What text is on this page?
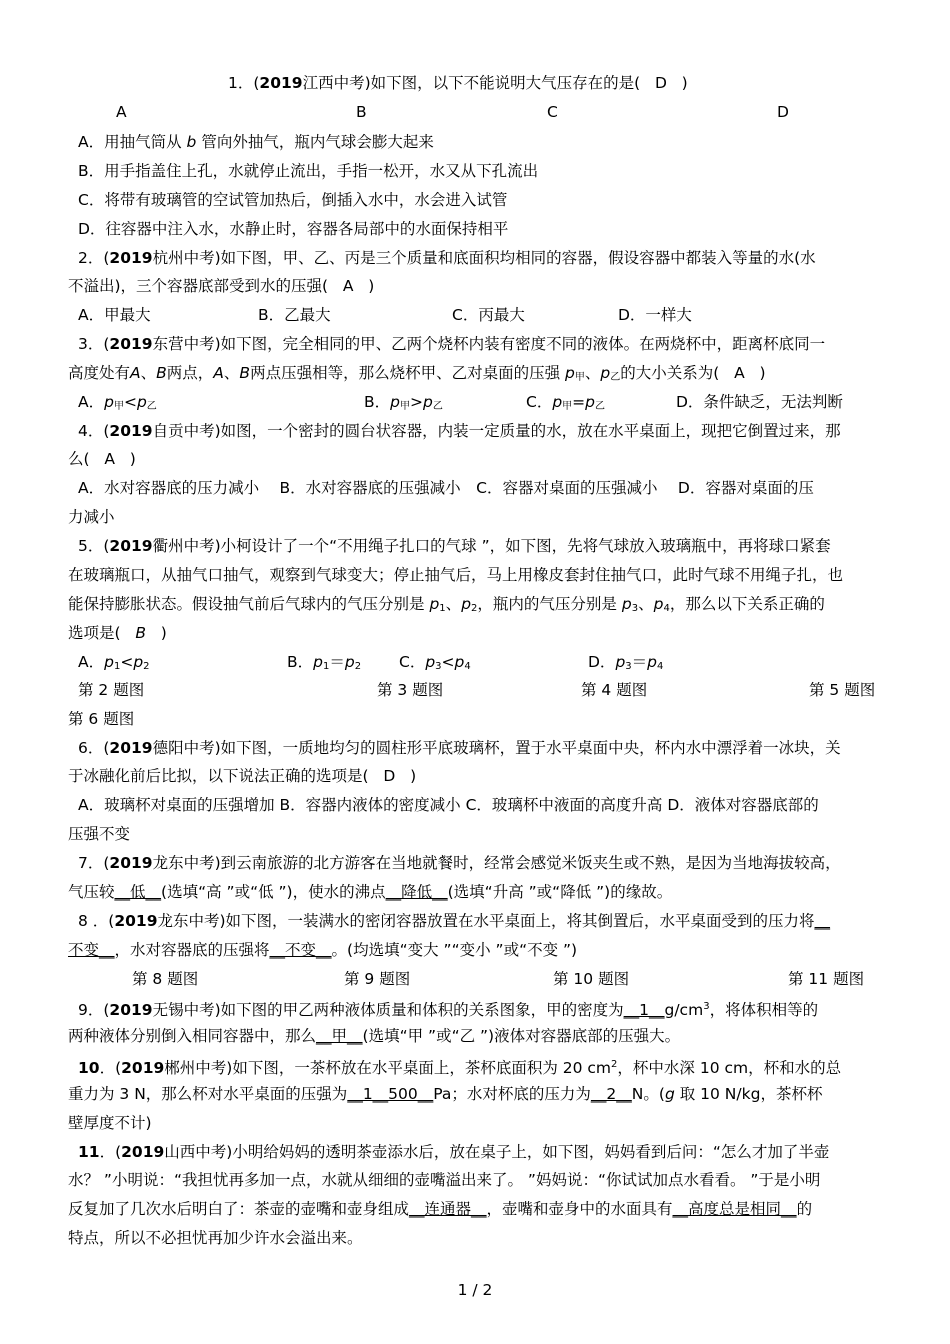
1．(2019江西中考)如下图，以下不能说明大气压存在的是( D )
A	B	C	D
A．用抽气筒从 b 管向外抽气，瓶内气球会膨大起来
B．用手指盖住上孔，水就停止流出，手指一松开，水又从下孔流出
C．将带有玻璃管的空试管加热后，倒插入水中，水会进入试管
D．往容器中注入水，水静止时，容器各局部中的水面保持相平
2．(2019杭州中考)如下图，甲、乙、丙是三个质量和底面积均相同的容器，假设容器中都装入等量的水(水
不溢出)，三个容器底部受到水的压强( A )
A．甲最大	B．乙最大	C．丙最大	D．一样大
3．(2019东营中考)如下图，完全相同的甲、乙两个烧杯内装有密度不同的液体。在两烧杯中，距离杯底同一
高度处有A、B两点，A、B两点压强相等，那么烧杯甲、乙对桌面的压强 $p_甲$、$p_乙$的大小关系为( A )
A．$p_甲<p_乙$	B．$p_甲>p_乙$	C．$p_甲=p_乙$	D．条件缺乏，无法判断
4．(2019自贡中考)如图，一个密封的圆台状容器，内装一定质量的水，放在水平桌面上，现把它倒置过来，那
么( A )
A．水对容器底的压力减小　 B．水对容器底的压强减小　C．容器对桌面的压强减小　 D．容器对桌面的压
力减小
5．(2019衢州中考)小柯设计了一个“不用绳子扎口的气球 ”，如下图，先将气球放入玻璃瓶中，再将球口紧套
在玻璃瓶口，从抽气口抽气，观察到气球变大；停止抽气后，马上用橡皮套封住抽气口，此时气球不用绳子扎，也
能保持膨胀状态。假设抽气前后气球内的气压分别是 $p_1$、$p_2$，瓶内的气压分别是 $p_3$、$p_4$，那么以下关系正确的
选项是( B )
A．$p_1<p_2$	B．$p_1=p_2$ C．$p_3<p_4$	D．$p_3=p_4$
第 2 题图	第 3 题图	第 4 题图	第 5 题图
第 6 题图
6．(2019德阳中考)如下图，一质地均匀的圆柱形平底玻璃杯，置于水平桌面中央，杯内水中漂浮着一冰块，关
于冰融化前后比拟，以下说法正确的选项是( D )
A．玻璃杯对桌面的压强增加 B．容器内液体的密度减小 C．玻璃杯中液面的高度升高 D．液体对容器底部的
压强不变
7．(2019龙东中考)到云南旅游的北方游客在当地就餐时，经常会感觉米饭夹生或不熟，是因为当地海拔较高，
气压较__低__(选填“高 ”或“低 ”)，使水的沸点__降低__(选填“升高 ”或“降低 ”)的缘故。
8 ．(2019龙东中考)如下图，一装满水的密闭容器放置在水平桌面上，将其倒置后，水平桌面受到的压力将__
不变__，水对容器底的压强将__不变__。(均选填“变大 ”“变小 ”或“不变 ”)
第 8 题图	第 9 题图	第 10 题图	第 11 题图
9．(2019无锡中考)如下图的甲乙两种液体质量和体积的关系图象，甲的密度为$\_\_1\_\_g/cm^3$，将体积相等的
两种液体分别倒入相同容器中，那么__甲__(选填“甲 ”或“乙 ”)液体对容器底部的压强大。
10．(2019郴州中考)如下图，一茶杯放在水平桌面上，茶杯底面积为 20 $cm^2$，杯中水深 10 cm，杯和水的总
重力为 3 N，那么杯对水平桌面的压强为__1__500__Pa；水对杯底的压力为__2__N。(g 取 10 N/kg，茶杯杯
壁厚度不计)
11．(2019山西中考)小明给妈妈的透明茶壶添水后，放在桌子上，如下图，妈妈看到后问：“怎么才加了半壶
水？ ”小明说：“我担忧再多加一点，水就从细细的壶嘴溢出来了。 ”妈妈说：“你试试加点水看看。 ”于是小明
反复加了几次水后明白了：茶壶的壶嘴和壶身组成__连通器__，壶嘴和壶身中的水面具有__高度总是相同__的
特点，所以不必担忧再加少许水会溢出来。
1 / 2
